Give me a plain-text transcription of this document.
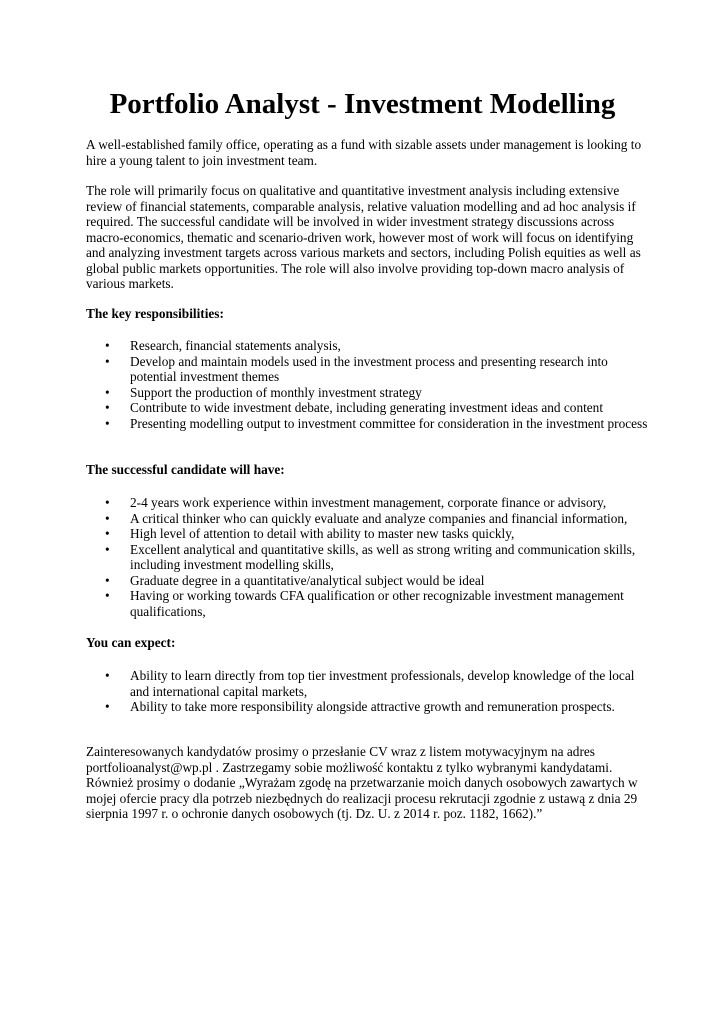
Portfolio Analyst - Investment Modelling

A well-established family office, operating as a fund with sizable assets under management is looking to hire a young talent to join investment team.

The role will primarily focus on qualitative and quantitative investment analysis including extensive review of financial statements, comparable analysis, relative valuation modelling and ad hoc analysis if required. The successful candidate will be involved in wider investment strategy discussions across macro-economics, thematic and scenario-driven work, however most of work will focus on identifying and analyzing investment targets across various markets and sectors, including Polish equities as well as global public markets opportunities. The role will also involve providing top-down macro analysis of various markets.

The key responsibilities:

• Research, financial statements analysis,
• Develop and maintain models used in the investment process and presenting research into potential investment themes
• Support the production of monthly investment strategy
• Contribute to wide investment debate, including generating investment ideas and content
• Presenting modelling output to investment committee for consideration in the investment process

The successful candidate will have:

• 2-4 years work experience within investment management, corporate finance or advisory,
• A critical thinker who can quickly evaluate and analyze companies and financial information,
• High level of attention to detail with ability to master new tasks quickly,
• Excellent analytical and quantitative skills, as well as strong writing and communication skills, including investment modelling skills,
• Graduate degree in a quantitative/analytical subject would be ideal
• Having or working towards CFA qualification or other recognizable investment management qualifications,

You can expect:

• Ability to learn directly from top tier investment professionals, develop knowledge of the local and international capital markets,
• Ability to take more responsibility alongside attractive growth and remuneration prospects.

Zainteresowanych kandydatów prosimy o przesłanie CV wraz z listem motywacyjnym na adres portfolioanalyst@wp.pl . Zastrzegamy sobie możliwość kontaktu z tylko wybranymi kandydatami. Również prosimy o dodanie „Wyrażam zgodę na przetwarzanie moich danych osobowych zawartych w mojej ofercie pracy dla potrzeb niezbędnych do realizacji procesu rekrutacji zgodnie z ustawą z dnia 29 sierpnia 1997 r. o ochronie danych osobowych (tj. Dz. U. z 2014 r. poz. 1182, 1662).”
